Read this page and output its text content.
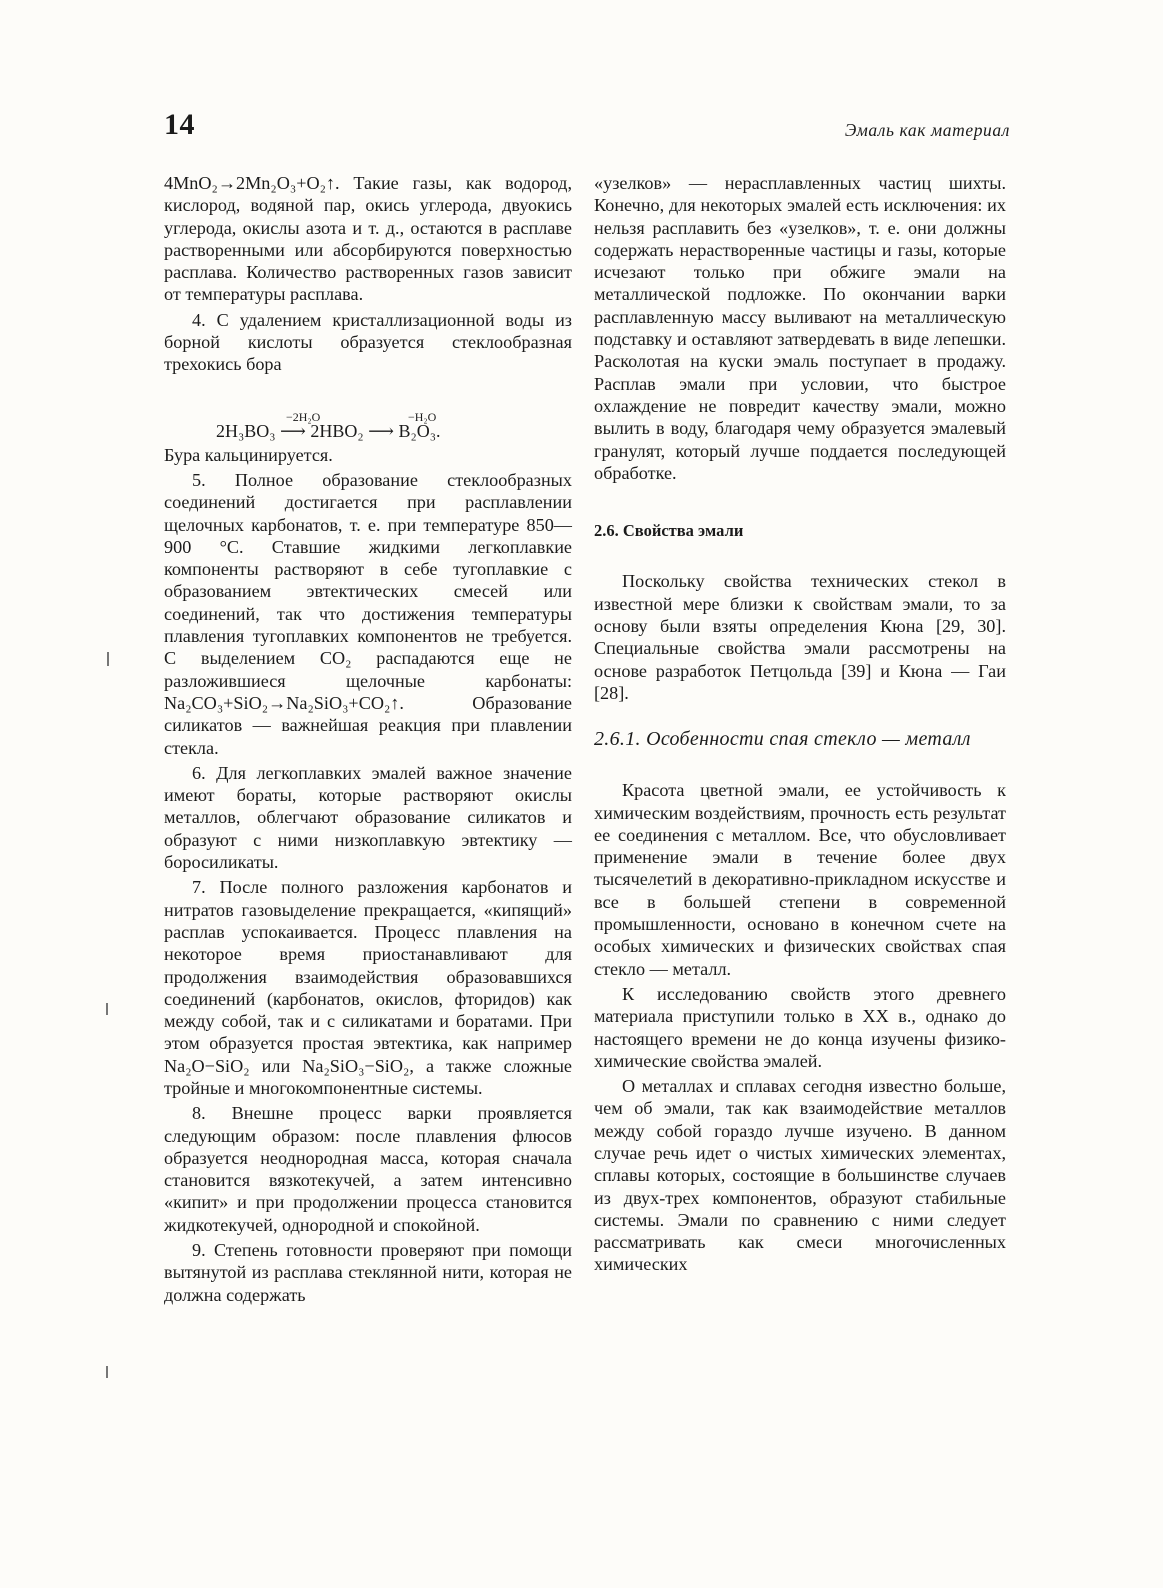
14	Эмаль как материал

4MnO₂→2Mn₂O₃+O₂↑. Такие газы, как водород, кислород, водяной пар, окись углерода, двуокись углерода, окислы азота и т. д., остаются в расплаве растворенными или абсорбируются поверхностью расплава. Количество растворенных газов зависит от температуры расплава.

4. С удалением кристаллизационной воды из борной кислоты образуется стеклообразная трехокись бора

−2H₂O	−H₂O
2H₃BO₃ ⟶ 2HBO₂ ⟶ B₂O₃.

Бура кальцинируется.

5. Полное образование стеклообразных соединений достигается при расплавлении щелочных карбонатов, т. е. при температуре 850—900 °C. Ставшие жидкими легкоплавкие компоненты растворяют в себе тугоплавкие с образованием эвтектических смесей или соединений, так что достижения температуры плавления тугоплавких компонентов не требуется. С выделением CO₂ распадаются еще не разложившиеся щелочные карбонаты: Na₂CO₃+SiO₂→Na₂SiO₃+CO₂↑. Образование силикатов — важнейшая реакция при плавлении стекла.

6. Для легкоплавких эмалей важное значение имеют бораты, которые растворяют окислы металлов, облегчают образование силикатов и образуют с ними низкоплавкую эвтектику — боросиликаты.

7. После полного разложения карбонатов и нитратов газовыделение прекращается, «кипящий» расплав успокаивается. Процесс плавления на некоторое время приостанавливают для продолжения взаимодействия образовавшихся соединений (карбонатов, окислов, фторидов) как между собой, так и с силикатами и боратами. При этом образуется простая эвтектика, как например Na₂O−SiO₂ или Na₂SiO₃−SiO₂, а также сложные тройные и многокомпонентные системы.

8. Внешне процесс варки проявляется следующим образом: после плавления флюсов образуется неоднородная масса, которая сначала становится вязкотекучей, а затем интенсивно «кипит» и при продолжении процесса становится жидкотекучей, однородной и спокойной.

9. Степень готовности проверяют при помощи вытянутой из расплава стеклянной нити, которая не должна содержать

«узелков» — нерасплавленных частиц шихты. Конечно, для некоторых эмалей есть исключения: их нельзя расплавить без «узелков», т. е. они должны содержать нерастворенные частицы и газы, которые исчезают только при обжиге эмали на металлической подложке. По окончании варки расплавленную массу выливают на металлическую подставку и оставляют затвердевать в виде лепешки. Расколотая на куски эмаль поступает в продажу. Расплав эмали при условии, что быстрое охлаждение не повредит качеству эмали, можно вылить в воду, благодаря чему образуется эмалевый гранулят, который лучше поддается последующей обработке.

2.6. Свойства эмали

Поскольку свойства технических стекол в известной мере близки к свойствам эмали, то за основу были взяты определения Кюна [29, 30]. Специальные свойства эмали рассмотрены на основе разработок Петцольда [39] и Кюна — Гаи [28].

2.6.1. Особенности спая стекло — металл

Красота цветной эмали, ее устойчивость к химическим воздействиям, прочность есть результат ее соединения с металлом. Все, что обусловливает применение эмали в течение более двух тысячелетий в декоративно-прикладном искусстве и все в большей степени в современной промышленности, основано в конечном счете на особых химических и физических свойствах спая стекло — металл.

К исследованию свойств этого древнего материала приступили только в XX в., однако до настоящего времени не до конца изучены физико-химические свойства эмалей.

О металлах и сплавах сегодня известно больше, чем об эмали, так как взаимодействие металлов между собой гораздо лучше изучено. В данном случае речь идет о чистых химических элементах, сплавы которых, состоящие в большинстве случаев из двух-трех компонентов, образуют стабильные системы. Эмали по сравнению с ними следует рассматривать как смеси многочисленных химических
